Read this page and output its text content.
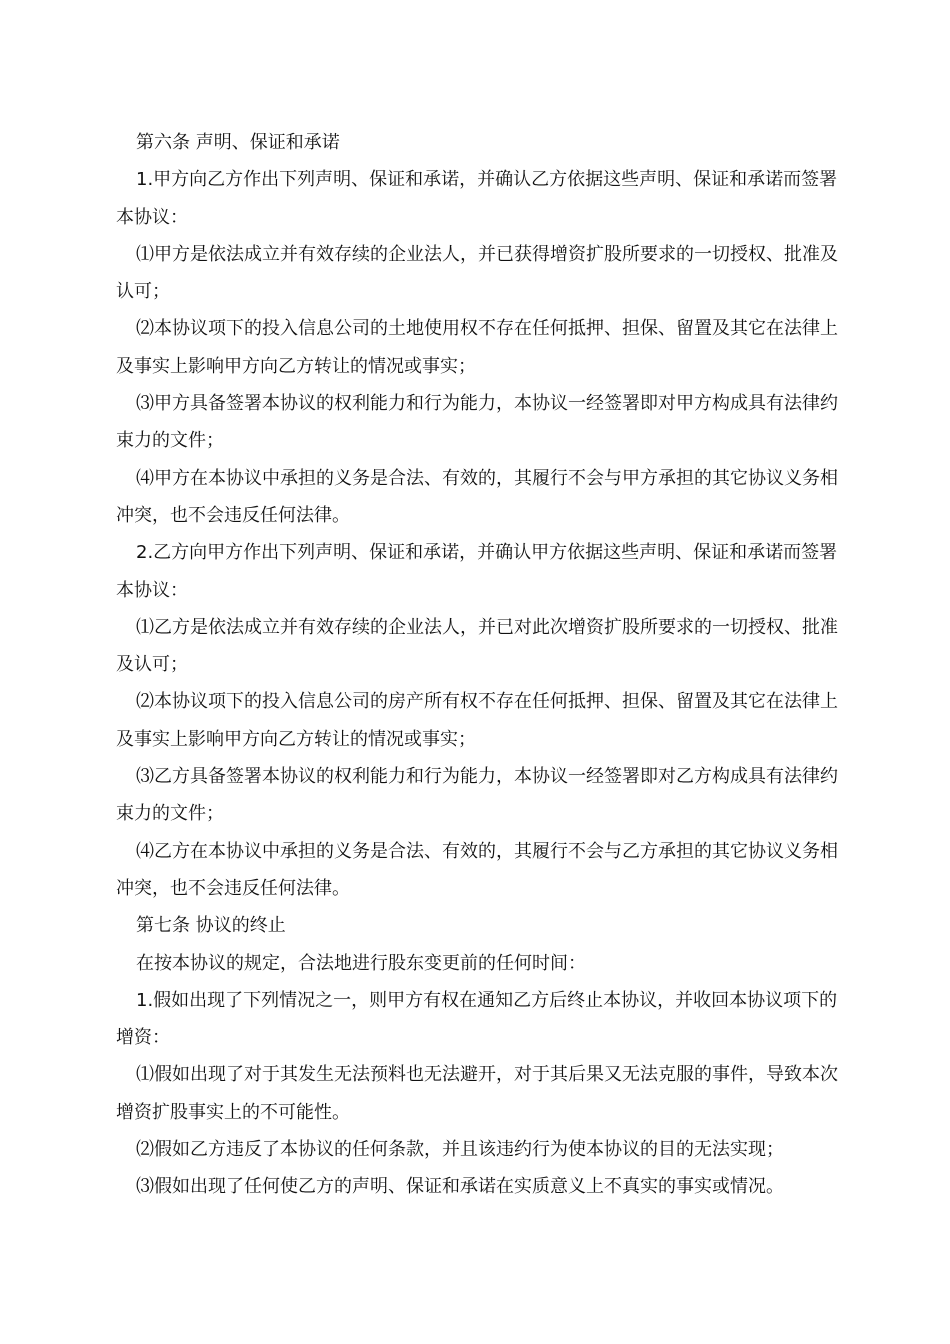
第六条 声明、保证和承诺

1.甲方向乙方作出下列声明、保证和承诺，并确认乙方依据这些声明、保证和承诺而签署本协议：

⑴甲方是依法成立并有效存续的企业法人，并已获得增资扩股所要求的一切授权、批准及认可；

⑵本协议项下的投入信息公司的土地使用权不存在任何抵押、担保、留置及其它在法律上及事实上影响甲方向乙方转让的情况或事实；

⑶甲方具备签署本协议的权利能力和行为能力，本协议一经签署即对甲方构成具有法律约束力的文件；

⑷甲方在本协议中承担的义务是合法、有效的，其履行不会与甲方承担的其它协议义务相冲突，也不会违反任何法律。

2.乙方向甲方作出下列声明、保证和承诺，并确认甲方依据这些声明、保证和承诺而签署本协议：

⑴乙方是依法成立并有效存续的企业法人，并已对此次增资扩股所要求的一切授权、批准及认可；

⑵本协议项下的投入信息公司的房产所有权不存在任何抵押、担保、留置及其它在法律上及事实上影响甲方向乙方转让的情况或事实；

⑶乙方具备签署本协议的权利能力和行为能力，本协议一经签署即对乙方构成具有法律约束力的文件；

⑷乙方在本协议中承担的义务是合法、有效的，其履行不会与乙方承担的其它协议义务相冲突，也不会违反任何法律。

第七条 协议的终止

在按本协议的规定，合法地进行股东变更前的任何时间：

1.假如出现了下列情况之一，则甲方有权在通知乙方后终止本协议，并收回本协议项下的增资：

⑴假如出现了对于其发生无法预料也无法避开，对于其后果又无法克服的事件，导致本次增资扩股事实上的不可能性。

⑵假如乙方违反了本协议的任何条款，并且该违约行为使本协议的目的无法实现；

⑶假如出现了任何使乙方的声明、保证和承诺在实质意义上不真实的事实或情况。
